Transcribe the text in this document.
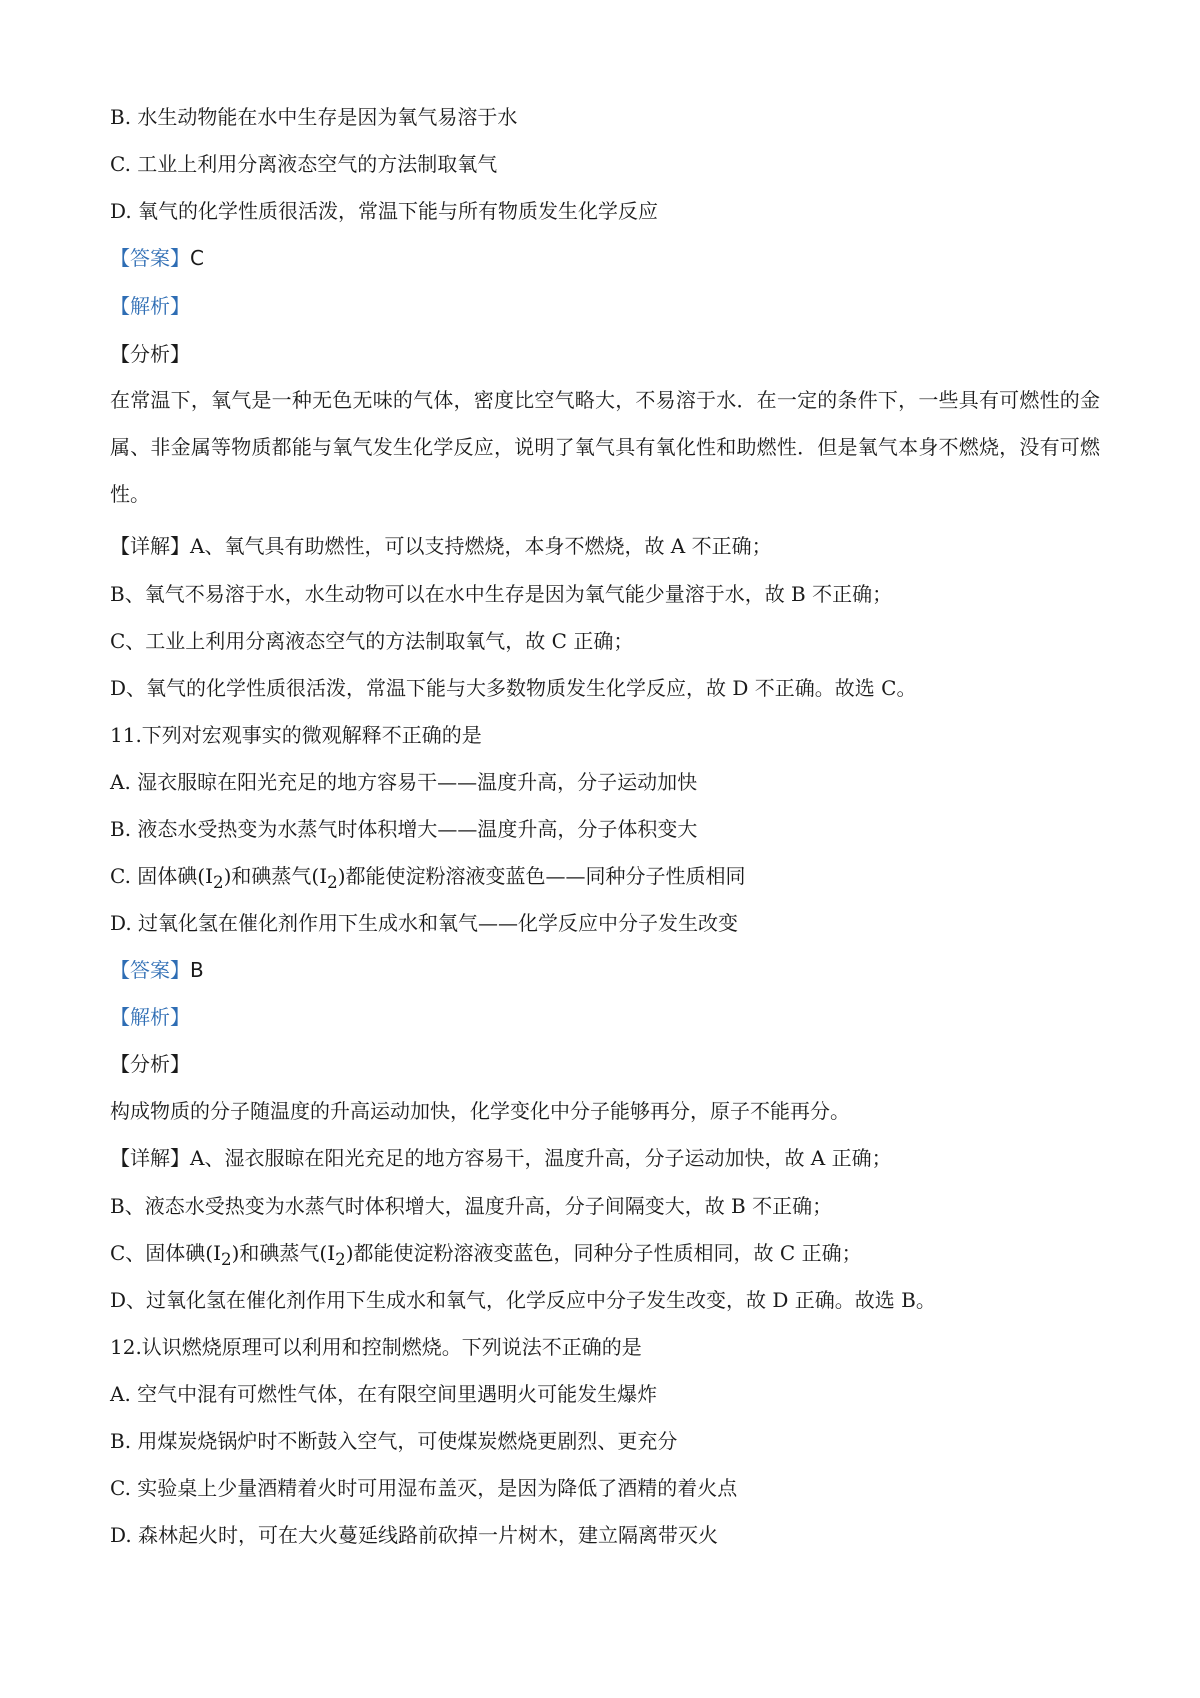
B. 水生动物能在水中生存是因为氧气易溶于水
C. 工业上利用分离液态空气的方法制取氧气
D. 氧气的化学性质很活泼，常温下能与所有物质发生化学反应
【答案】C
【解析】
【分析】
在常温下，氧气是一种无色无味的气体，密度比空气略大，不易溶于水．在一定的条件下，一些具有可燃性的金属、非金属等物质都能与氧气发生化学反应，说明了氧气具有氧化性和助燃性．但是氧气本身不燃烧，没有可燃性。
【详解】A、氧气具有助燃性，可以支持燃烧，本身不燃烧，故 A 不正确；
B、氧气不易溶于水，水生动物可以在水中生存是因为氧气能少量溶于水，故 B 不正确；
C、工业上利用分离液态空气的方法制取氧气，故 C 正确；
D、氧气的化学性质很活泼，常温下能与大多数物质发生化学反应，故 D 不正确。故选 C。
11.下列对宏观事实的微观解释不正确的是
A. 湿衣服晾在阳光充足的地方容易干——温度升高，分子运动加快
B. 液态水受热变为水蒸气时体积增大——温度升高，分子体积变大
C. 固体碘$(I_2)$和碘蒸气$(I_2)$都能使淀粉溶液变蓝色——同种分子性质相同
D. 过氧化氢在催化剂作用下生成水和氧气——化学反应中分子发生改变
【答案】B
【解析】
【分析】
构成物质的分子随温度的升高运动加快，化学变化中分子能够再分，原子不能再分。
【详解】A、湿衣服晾在阳光充足的地方容易干，温度升高，分子运动加快，故 A 正确；
B、液态水受热变为水蒸气时体积增大，温度升高，分子间隔变大，故 B 不正确；
C、固体碘$(I_2)$和碘蒸气$(I_2)$都能使淀粉溶液变蓝色，同种分子性质相同，故 C 正确；
D、过氧化氢在催化剂作用下生成水和氧气，化学反应中分子发生改变，故 D 正确。故选 B。
12.认识燃烧原理可以利用和控制燃烧。下列说法不正确的是
A. 空气中混有可燃性气体，在有限空间里遇明火可能发生爆炸
B. 用煤炭烧锅炉时不断鼓入空气，可使煤炭燃烧更剧烈、更充分
C. 实验桌上少量酒精着火时可用湿布盖灭，是因为降低了酒精的着火点
D. 森林起火时，可在大火蔓延线路前砍掉一片树木，建立隔离带灭火
